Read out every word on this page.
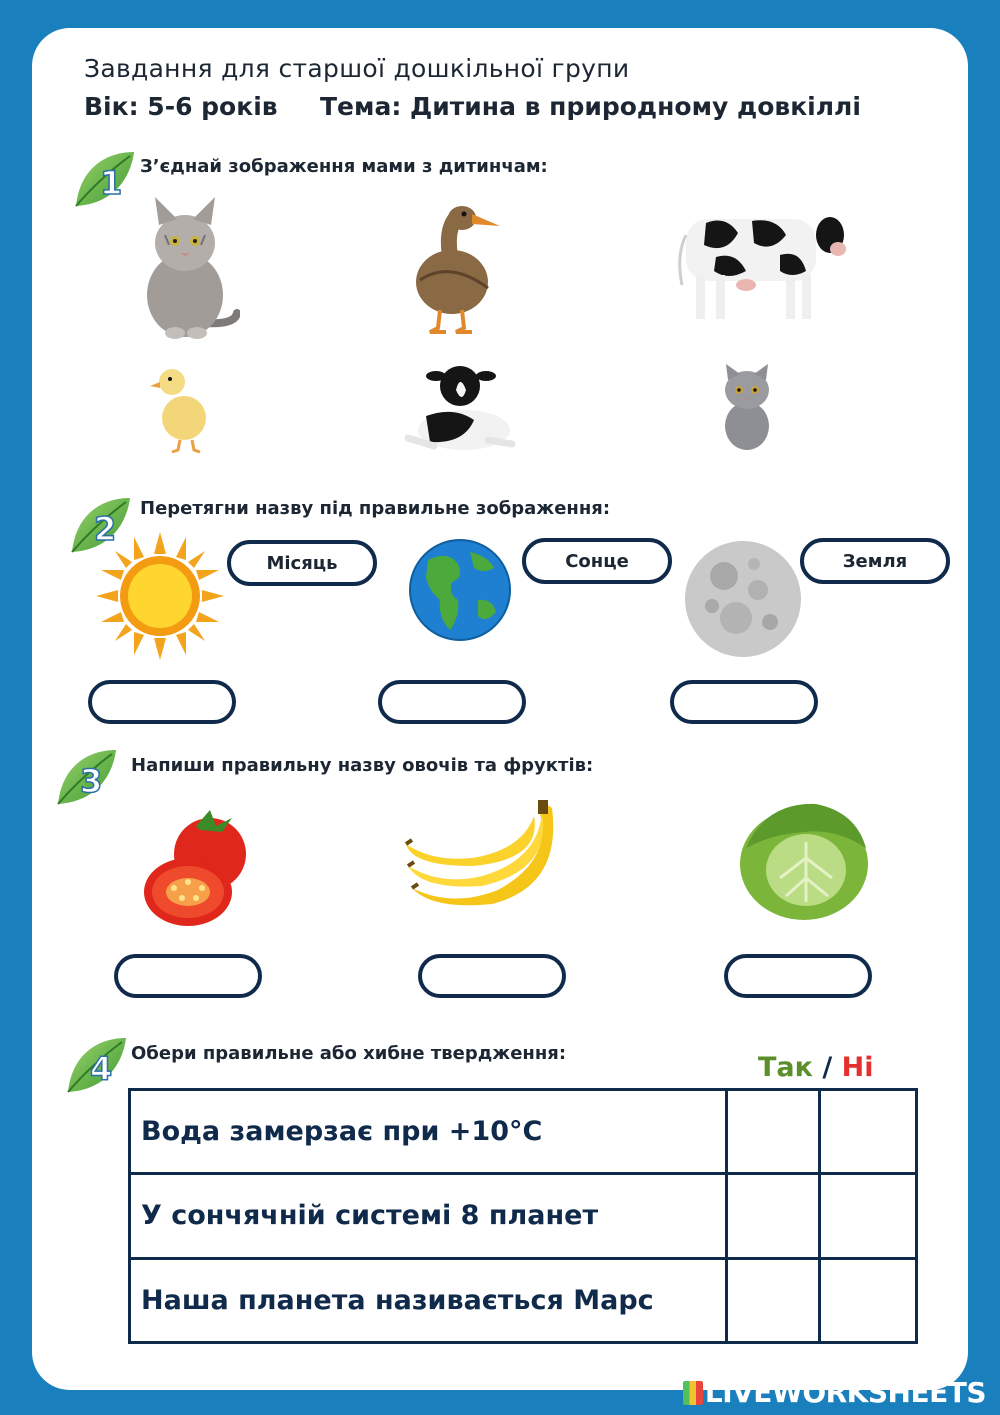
Завдання для старшої дошкільної групи
Вік: 5-6 років Тема: Дитина в природному довкіллі
1 З’єднай зображення мами з дитинчам:
2
Перетягни назву під правильне зображення:
Місяць	Сонце	Земля
3 Напиши правильну назву овочів та фруктів:
4 Обери правильне або хибне твердження:	Так / Ні
Вода замерзає при +10°C		
У сончячній системі 8 планет		
Наша планета називається Марс		
LIVEWORKSHEETS
